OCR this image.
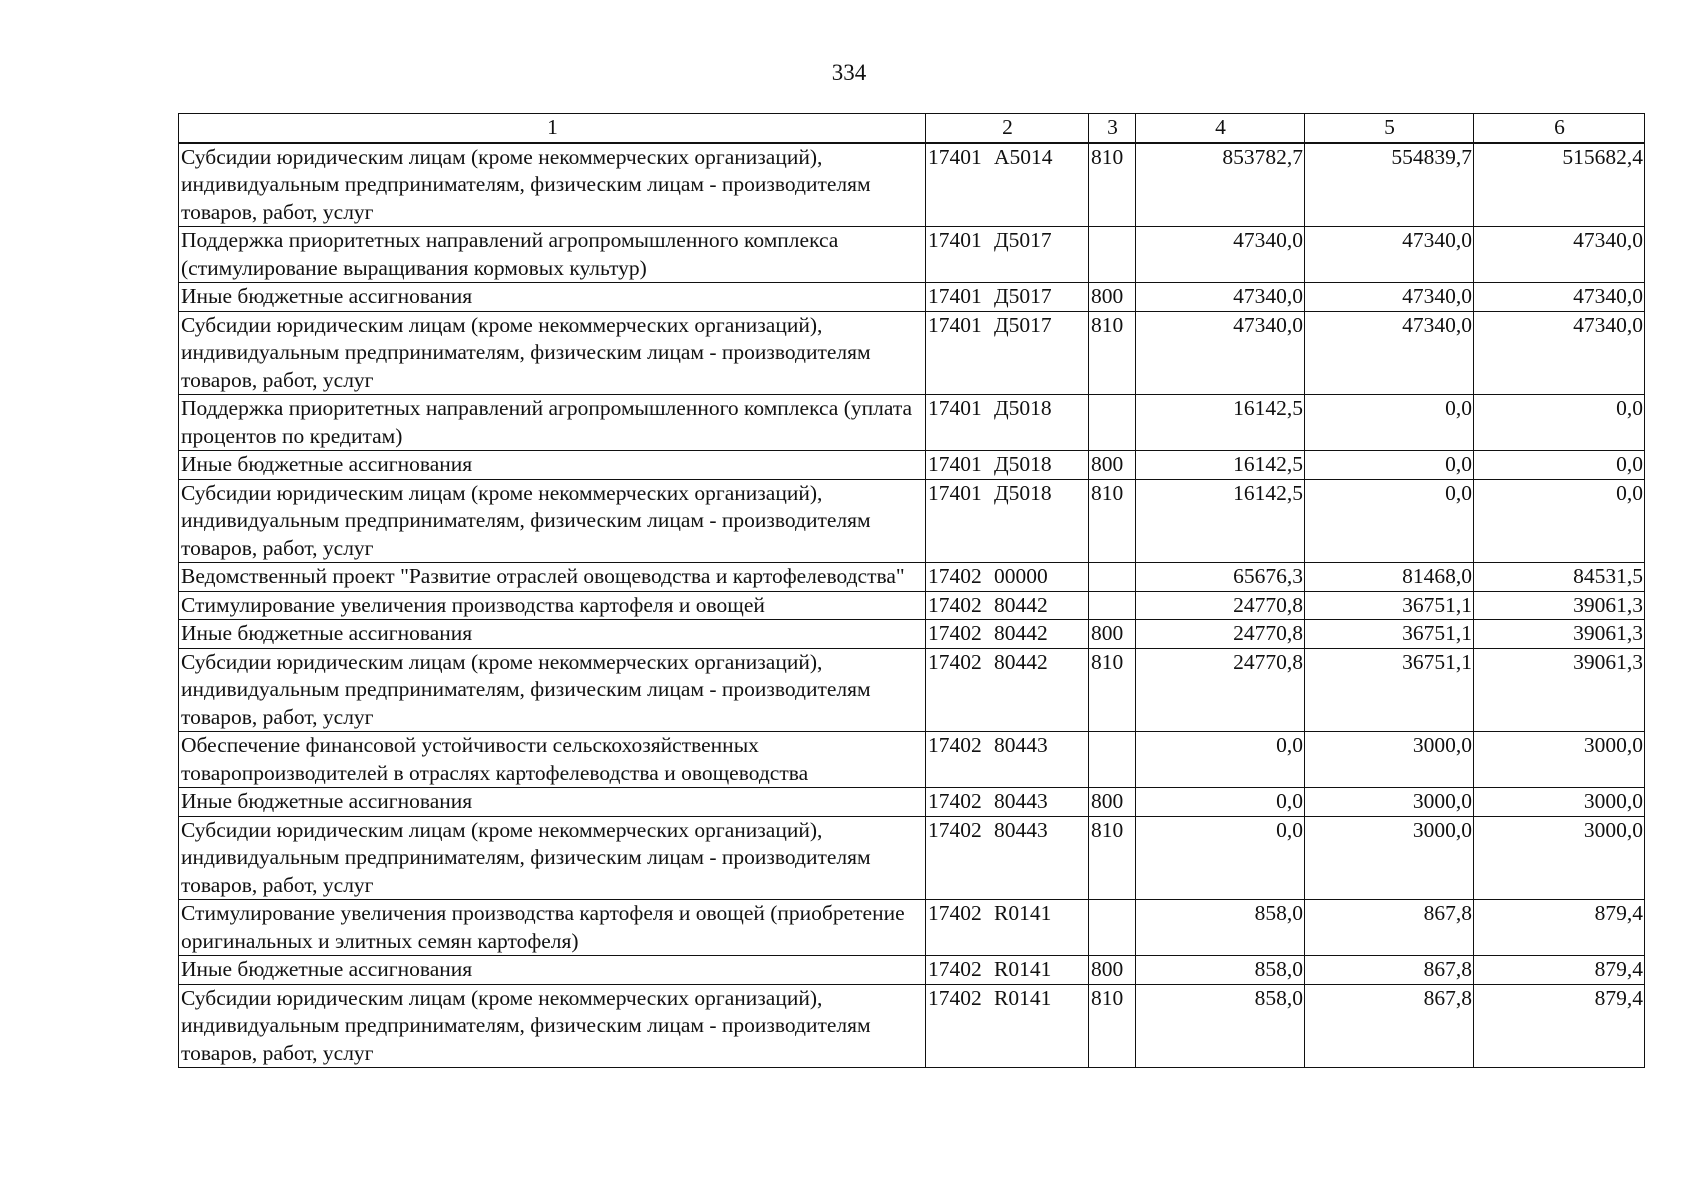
334
1	2	3	4	5	6
Субсидии юридическим лицам (кроме некоммерческих организаций), индивидуальным предпринимателям, физическим лицам - производителям товаров, работ, услуг	17401 А5014	810	853782,7	554839,7	515682,4
Поддержка приоритетных направлений агропромышленного комплекса (стимулирование выращивания кормовых культур)	17401 Д5017		47340,0	47340,0	47340,0
Иные бюджетные ассигнования	17401 Д5017	800	47340,0	47340,0	47340,0
Субсидии юридическим лицам (кроме некоммерческих организаций), индивидуальным предпринимателям, физическим лицам - производителям товаров, работ, услуг	17401 Д5017	810	47340,0	47340,0	47340,0
Поддержка приоритетных направлений агропромышленного комплекса (уплата процентов по кредитам)	17401 Д5018		16142,5	0,0	0,0
Иные бюджетные ассигнования	17401 Д5018	800	16142,5	0,0	0,0
Субсидии юридическим лицам (кроме некоммерческих организаций), индивидуальным предпринимателям, физическим лицам - производителям товаров, работ, услуг	17401 Д5018	810	16142,5	0,0	0,0
Ведомственный проект "Развитие отраслей овощеводства и картофелеводства"	17402 00000		65676,3	81468,0	84531,5
Стимулирование увеличения производства картофеля и овощей	17402 80442		24770,8	36751,1	39061,3
Иные бюджетные ассигнования	17402 80442	800	24770,8	36751,1	39061,3
Субсидии юридическим лицам (кроме некоммерческих организаций), индивидуальным предпринимателям, физическим лицам - производителям товаров, работ, услуг	17402 80442	810	24770,8	36751,1	39061,3
Обеспечение финансовой устойчивости сельскохозяйственных товаропроизводителей в отраслях картофелеводства и овощеводства	17402 80443		0,0	3000,0	3000,0
Иные бюджетные ассигнования	17402 80443	800	0,0	3000,0	3000,0
Субсидии юридическим лицам (кроме некоммерческих организаций), индивидуальным предпринимателям, физическим лицам - производителям товаров, работ, услуг	17402 80443	810	0,0	3000,0	3000,0
Стимулирование увеличения производства картофеля и овощей (приобретение оригинальных и элитных семян картофеля)	17402 R0141		858,0	867,8	879,4
Иные бюджетные ассигнования	17402 R0141	800	858,0	867,8	879,4
Субсидии юридическим лицам (кроме некоммерческих организаций), индивидуальным предпринимателям, физическим лицам - производителям товаров, работ, услуг	17402 R0141	810	858,0	867,8	879,4
